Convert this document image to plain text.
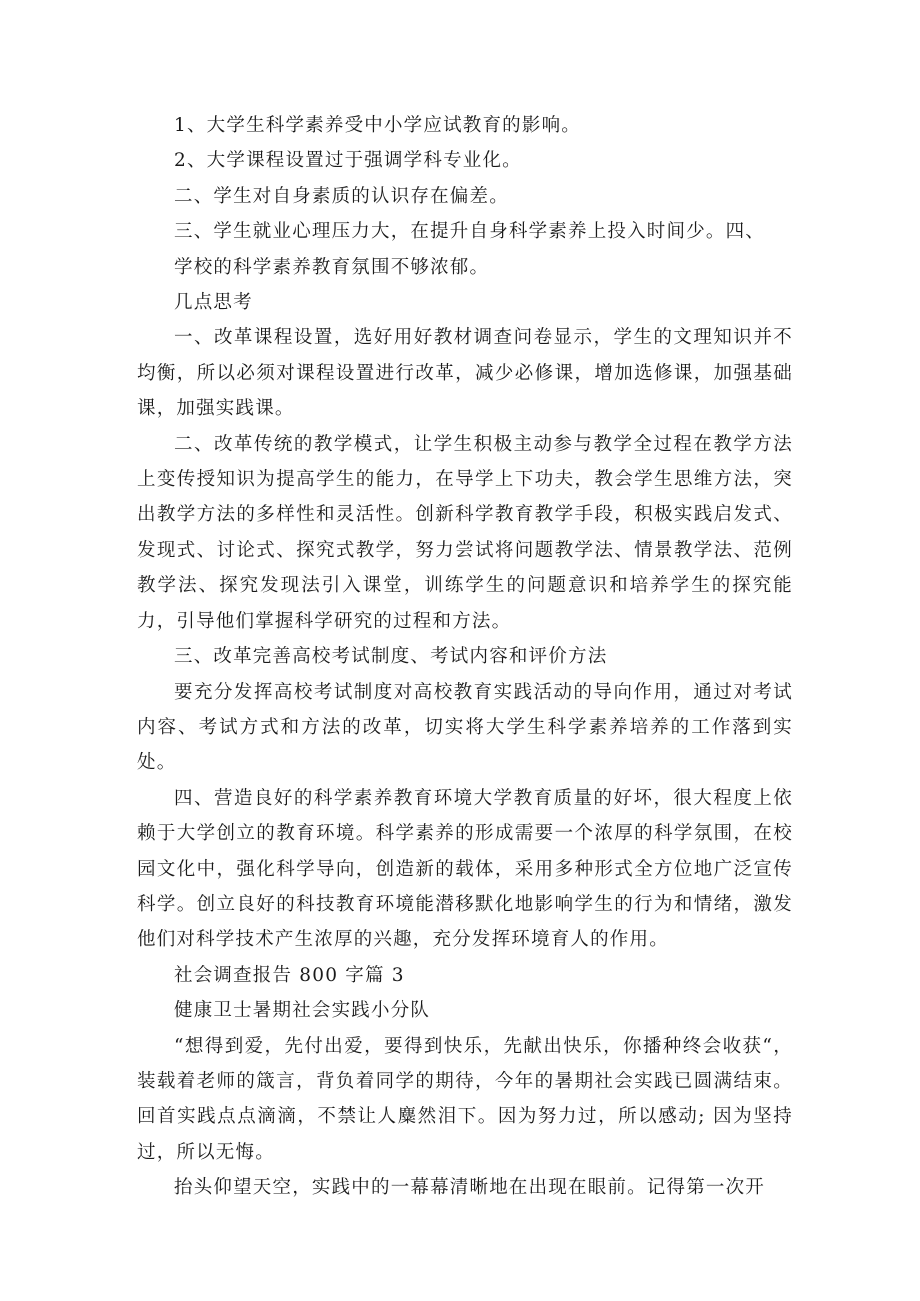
1、大学生科学素养受中小学应试教育的影响。

2、大学课程设置过于强调学科专业化。

二、学生对自身素质的认识存在偏差。

三、学生就业心理压力大，在提升自身科学素养上投入时间少。四、

学校的科学素养教育氛围不够浓郁。

几点思考

一、改革课程设置，选好用好教材调查问卷显示，学生的文理知识并不均衡，所以必须对课程设置进行改革，减少必修课，增加选修课，加强基础课，加强实践课。

二、改革传统的教学模式，让学生积极主动参与教学全过程在教学方法上变传授知识为提高学生的能力，在导学上下功夫，教会学生思维方法，突出教学方法的多样性和灵活性。创新科学教育教学手段，积极实践启发式、发现式、讨论式、探究式教学，努力尝试将问题教学法、情景教学法、范例教学法、探究发现法引入课堂，训练学生的问题意识和培养学生的探究能力，引导他们掌握科学研究的过程和方法。

三、改革完善高校考试制度、考试内容和评价方法

要充分发挥高校考试制度对高校教育实践活动的导向作用，通过对考试内容、考试方式和方法的改革，切实将大学生科学素养培养的工作落到实处。

四、营造良好的科学素养教育环境大学教育质量的好坏，很大程度上依赖于大学创立的教育环境。科学素养的形成需要一个浓厚的科学氛围，在校园文化中，强化科学导向，创造新的载体，采用多种形式全方位地广泛宣传科学。创立良好的科技教育环境能潜移默化地影响学生的行为和情绪，激发他们对科学技术产生浓厚的兴趣，充分发挥环境育人的作用。

社会调查报告 800 字篇 3

健康卫士暑期社会实践小分队

“想得到爱，先付出爱，要得到快乐，先献出快乐，你播种终会收获“，装载着老师的箴言，背负着同学的期待，今年的暑期社会实践已圆满结束。回首实践点点滴滴，不禁让人麋然泪下。因为努力过，所以感动; 因为坚持过，所以无悔。

抬头仰望天空，实践中的一幕幕清晰地在出现在眼前。记得第一次开
